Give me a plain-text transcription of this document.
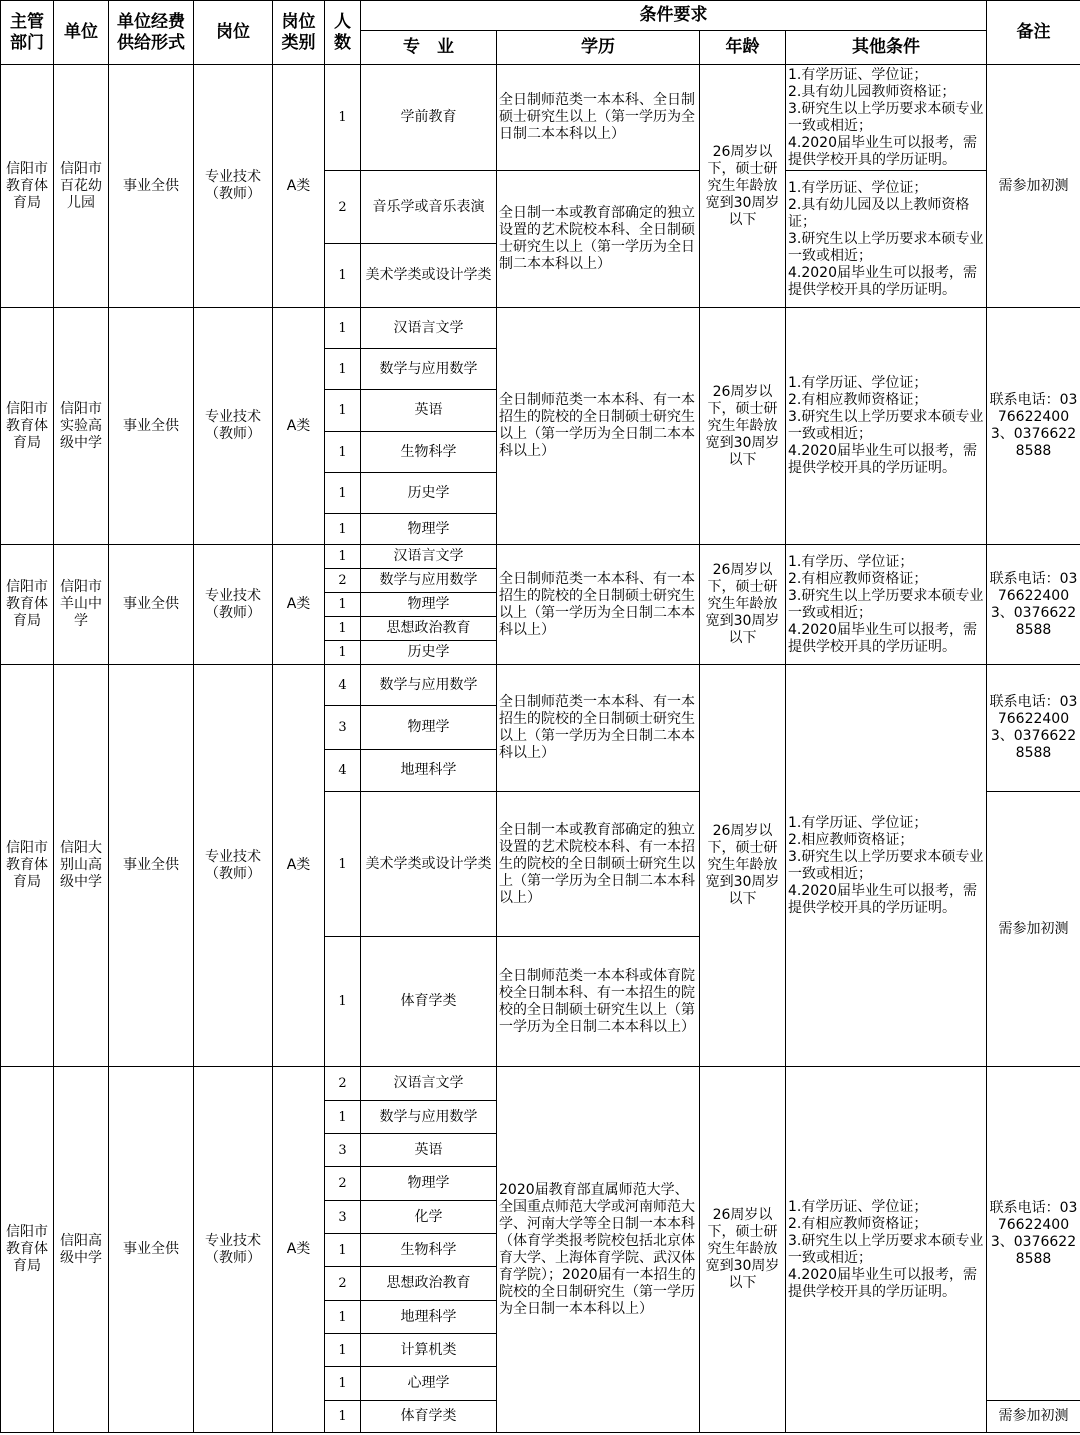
主管部门	单位	单位经费供给形式	岗位	岗位类别	人数	条件要求				备注
						专　业	学历	年龄	其他条件	
信阳市教育体育局	信阳市百花幼儿园	事业全供	专业技术（教师）	A类	1	学前教育	全日制师范类一本本科、全日制硕士研究生以上（第一学历为全日制二本本科以上）	26周岁以下，硕士研究生年龄放宽到30周岁以下	1.有学历证、学位证；
2.具有幼儿园教师资格证；
3.研究生以上学历要求本硕专业一致或相近；
4.2020届毕业生可以报考，需提供学校开具的学历证明。	需参加初测
					2	音乐学或音乐表演	全日制一本或教育部确定的独立设置的艺术院校本科、全日制硕士研究生以上（第一学历为全日制二本本科以上）		1.有学历证、学位证；
2.具有幼儿园及以上教师资格证；
3.研究生以上学历要求本硕专业一致或相近；
4.2020届毕业生可以报考，需提供学校开具的学历证明。	

					1	美术学类或设计学类				
信阳市教育体育局	信阳市实验高级中学	事业全供	专业技术（教师）	A类	1	汉语言文学	全日制师范类一本本科、有一本招生的院校的全日制硕士研究生以上（第一学历为全日制二本本科以上）	26周岁以下，硕士研究生年龄放宽到30周岁以下	1.有学历证、学位证；
2.有相应教师资格证；
3.研究生以上学历要求本硕专业一致或相近；
4.2020届毕业生可以报考，需提供学校开具的学历证明。	联系电话：03766224003、03766228588
					1	数学与应用数学				
					1	英语				
					1	生物科学				
					1	历史学				
					1	物理学				
信阳市教育体育局	信阳市羊山中学	事业全供	专业技术（教师）	A类	1	汉语言文学	全日制师范类一本本科、有一本招生的院校的全日制硕士研究生以上（第一学历为全日制二本本科以上）	26周岁以下，硕士研究生年龄放宽到30周岁以下	1.有学历、学位证；
2.有相应教师资格证；
3.研究生以上学历要求本硕专业一致或相近；
4.2020届毕业生可以报考，需提供学校开具的学历证明。	联系电话：03766224003、03766228588
					2	数学与应用数学				
					1	物理学				
					1	思想政治教育				
					1	历史学				
信阳市教育体育局	信阳大别山高级中学	事业全供	专业技术（教师）	A类	4	数学与应用数学	全日制师范类一本本科、有一本招生的院校的全日制硕士研究生以上（第一学历为全日制二本本科以上）	26周岁以下，硕士研究生年龄放宽到30周岁以下	1.有学历证、学位证；
2.相应教师资格证；
3.研究生以上学历要求本硕专业一致或相近；
4.2020届毕业生可以报考，需提供学校开具的学历证明。	联系电话：03766224003、03766228588
					3	物理学				
					4	地理科学				
					1	美术学类或设计学类	全日制一本或教育部确定的独立设置的艺术院校本科、有一本招生的院校的全日制硕士研究生以上（第一学历为全日制二本本科以上）			需参加初测
					1	体育学类	全日制师范类一本本科或体育院校全日制本科、有一本招生的院校的全日制硕士研究生以上（第一学历为全日制二本本科以上）			
信阳市教育体育局	信阳高级中学	事业全供	专业技术（教师）	A类	2	汉语言文学	2020届教育部直属师范大学、全国重点师范大学或河南师范大学、河南大学等全日制一本本科（体育学类报考院校包括北京体育大学、上海体育学院、武汉体育学院）；2020届有一本招生的院校的全日制研究生（第一学历为全日制一本本科以上）	26周岁以下，硕士研究生年龄放宽到30周岁以下	1.有学历证、学位证；
2.有相应教师资格证；
3.研究生以上学历要求本硕专业一致或相近；
4.2020届毕业生可以报考，需提供学校开具的学历证明。	联系电话：03766224003、03766228588
					1	数学与应用数学				
					3	英语				
					2	物理学				
					3	化学				
					1	生物科学				
					2	思想政治教育				
					1	地理科学				
					1	计算机类				
					1	心理学				
					1	体育学类				需参加初测
